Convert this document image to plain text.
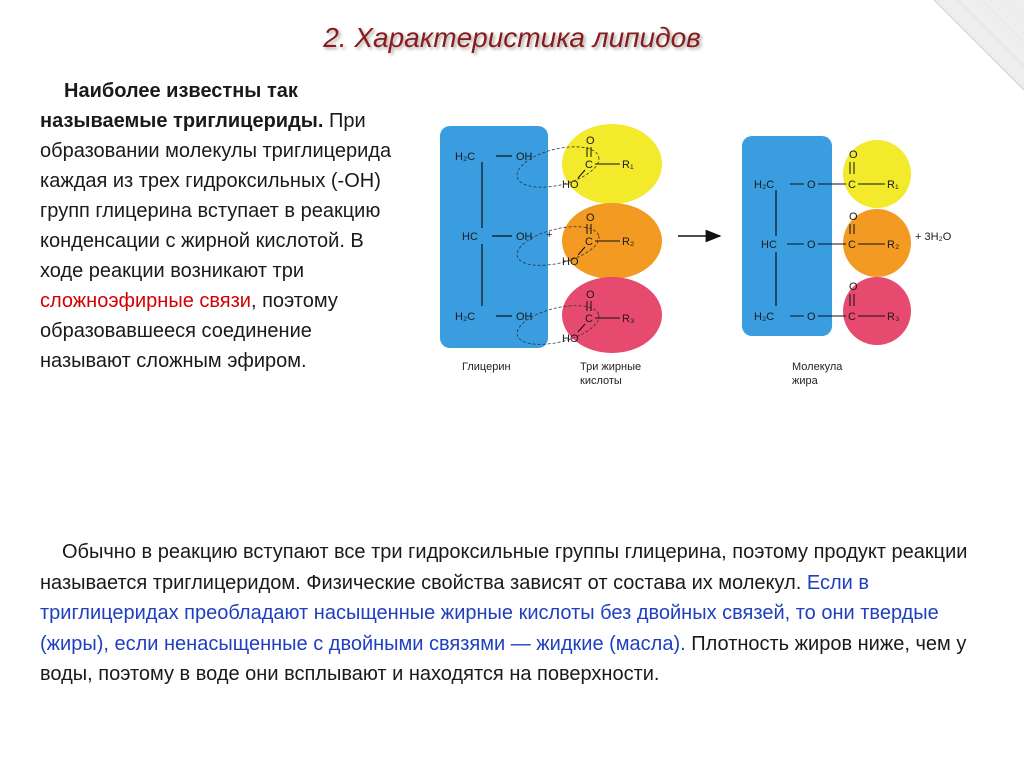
2. Характеристика липидов
Наиболее известны так
называемые триглицериды. При образовании молекулы триглицерида каждая из трех гидроксильных (-OH) групп глицерина вступает в реакцию конденсации с жирной кислотой. В ходе реакции возникают три сложноэфирные связи, поэтому образовавшееся соединение называют сложным эфиром.
H₂C
HC
H₂C
OH
OH
OH
+
O
C	R₁
HO
O
C	R₂
HO
O
C	R₃
HO
H₂C
HC
H₂C
O
O
O
O
C	R₁
O
C	R₂
O
C	R₃
+ 3H₂O
Глицерин	Три жирные
кислоты
Молекула
жира
Обычно в реакцию вступают все три гидроксильные группы глицерина, поэтому продукт реакции называется триглицеридом. Физические свойства зависят от состава их молекул. Если в триглицеридах преобладают насыщенные жирные кислоты без двойных связей, то они твердые (жиры), если ненасыщенные с двойными связями — жидкие (масла). Плотность жиров ниже, чем у воды, поэтому в воде они всплывают и находятся на поверхности.
